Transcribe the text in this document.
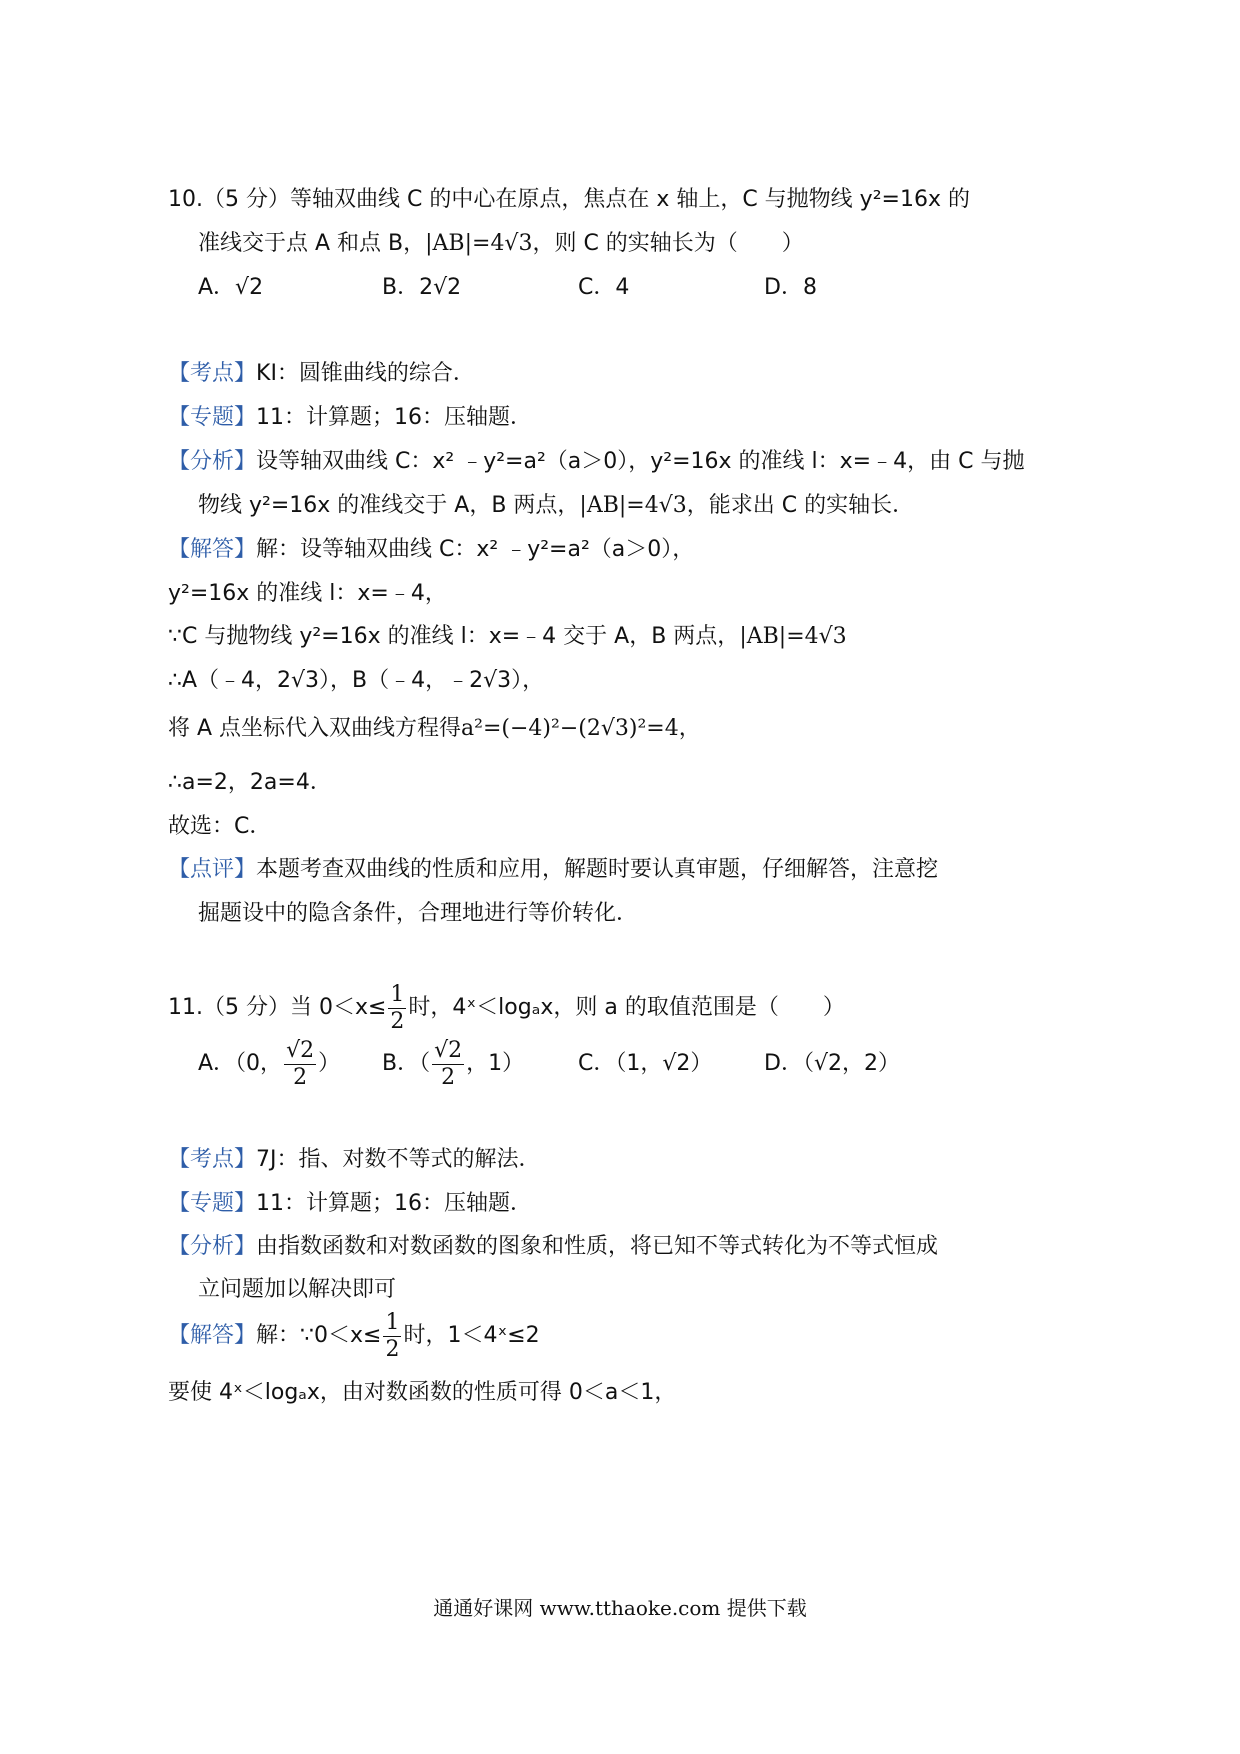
10.（5 分）等轴双曲线 C 的中心在原点，焦点在 x 轴上，C 与抛物线 y²=16x 的
准线交于点 A 和点 B，|AB|=4√3，则 C 的实轴长为（　　）
A．√2	B．2√2	C．4	D．8
【考点】KI：圆锥曲线的综合．
【专题】11：计算题；16：压轴题．
【分析】设等轴双曲线 C：x² ﹣y²=a²（a＞0），y²=16x 的准线 l：x=﹣4，由 C 与抛
物线 y²=16x 的准线交于 A，B 两点，|AB|=4√3，能求出 C 的实轴长．
【解答】解：设等轴双曲线 C：x² ﹣y²=a²（a＞0），
y²=16x 的准线 l：x=﹣4，
∵C 与抛物线 y²=16x 的准线 l：x=﹣4 交于 A，B 两点，|AB|=4√3
∴A（﹣4，2√3），B（﹣4，﹣2√3），
将 A 点坐标代入双曲线方程得a²=(−4)²−(2√3)²=4，
∴a=2，2a=4．
故选：C．
【点评】本题考查双曲线的性质和应用，解题时要认真审题，仔细解答，注意挖
掘题设中的隐含条件，合理地进行等价转化．
11.（5 分）当 $0<x\le \frac{1}{2}$ 时，4ˣ＜logₐx，则 a 的取值范围是（　　）
A．（0， $\frac{√2}{2}$ ） B．（ $\frac{√2}{2}$ ，1） C．（1，√2） D．（√2，2）
【考点】7J：指、对数不等式的解法．
【专题】11：计算题；16：压轴题．
【分析】由指数函数和对数函数的图象和性质，将已知不等式转化为不等式恒成
立问题加以解决即可
【解答】解：∵0＜x≤ $\frac{1}{2}$ 时，1＜4ˣ≤2
要使 4ˣ＜logₐx，由对数函数的性质可得 0＜a＜1，
通通好课网 www.tthaoke.com 提供下载
